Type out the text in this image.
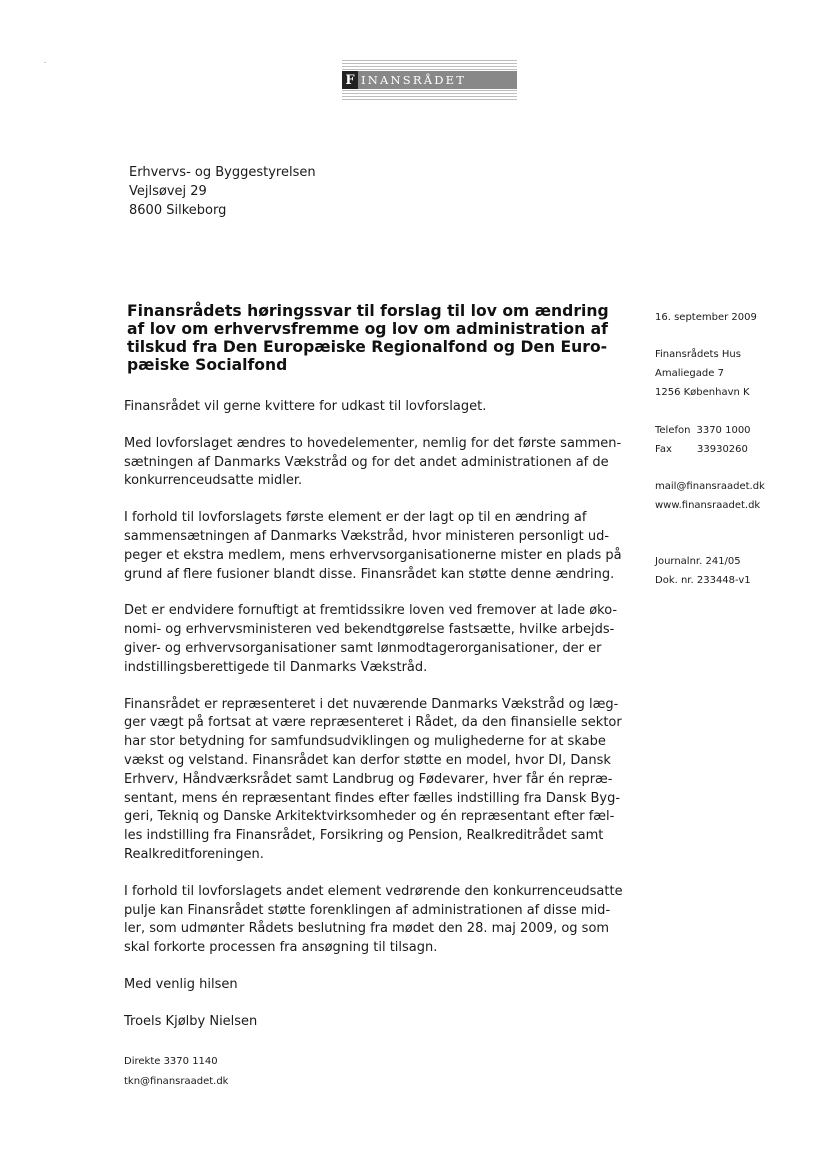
F INANSRÅDET
Erhvervs- og Byggestyrelsen
Vejlsøvej 29
8600 Silkeborg
Finansrådets høringssvar til forslag til lov om ændring
af lov om erhvervsfremme og lov om administration af
tilskud fra Den Europæiske Regionalfond og Den Euro-
pæiske Socialfond
Finansrådet vil gerne kvittere for udkast til lovforslaget.
Med lovforslaget ændres to hovedelementer, nemlig for det første sammen-
sætningen af Danmarks Vækstråd og for det andet administrationen af de
konkurrenceudsatte midler.
I forhold til lovforslagets første element er der lagt op til en ændring af
sammensætningen af Danmarks Vækstråd, hvor ministeren personligt ud-
peger et ekstra medlem, mens erhvervsorganisationerne mister en plads på
grund af flere fusioner blandt disse. Finansrådet kan støtte denne ændring.
Det er endvidere fornuftigt at fremtidssikre loven ved fremover at lade øko-
nomi- og erhvervsministeren ved bekendtgørelse fastsætte, hvilke arbejds-
giver- og erhvervsorganisationer samt lønmodtagerorganisationer, der er
indstillingsberettigede til Danmarks Vækstråd.
Finansrådet er repræsenteret i det nuværende Danmarks Vækstråd og læg-
ger vægt på fortsat at være repræsenteret i Rådet, da den finansielle sektor
har stor betydning for samfundsudviklingen og mulighederne for at skabe
vækst og velstand. Finansrådet kan derfor støtte en model, hvor DI, Dansk
Erhverv, Håndværksrådet samt Landbrug og Fødevarer, hver får én repræ-
sentant, mens én repræsentant findes efter fælles indstilling fra Dansk Byg-
geri, Tekniq og Danske Arkitektvirksomheder og én repræsentant efter fæl-
les indstilling fra Finansrådet, Forsikring og Pension, Realkreditrådet samt
Realkreditforeningen.
I forhold til lovforslagets andet element vedrørende den konkurrenceudsatte
pulje kan Finansrådet støtte forenklingen af administrationen af disse mid-
ler, som udmønter Rådets beslutning fra mødet den 28. maj 2009, og som
skal forkorte processen fra ansøgning til tilsagn.
Med venlig hilsen
Troels Kjølby Nielsen
16. september 2009
Finansrådets Hus
Amaliegade 7
1256 København K
Telefon 3370 1000
Fax	33930260
mail@finansraadet.dk
www.finansraadet.dk
Journalnr. 241/05
Dok. nr. 233448-v1
Direkte 3370 1140
tkn@finansraadet.dk
